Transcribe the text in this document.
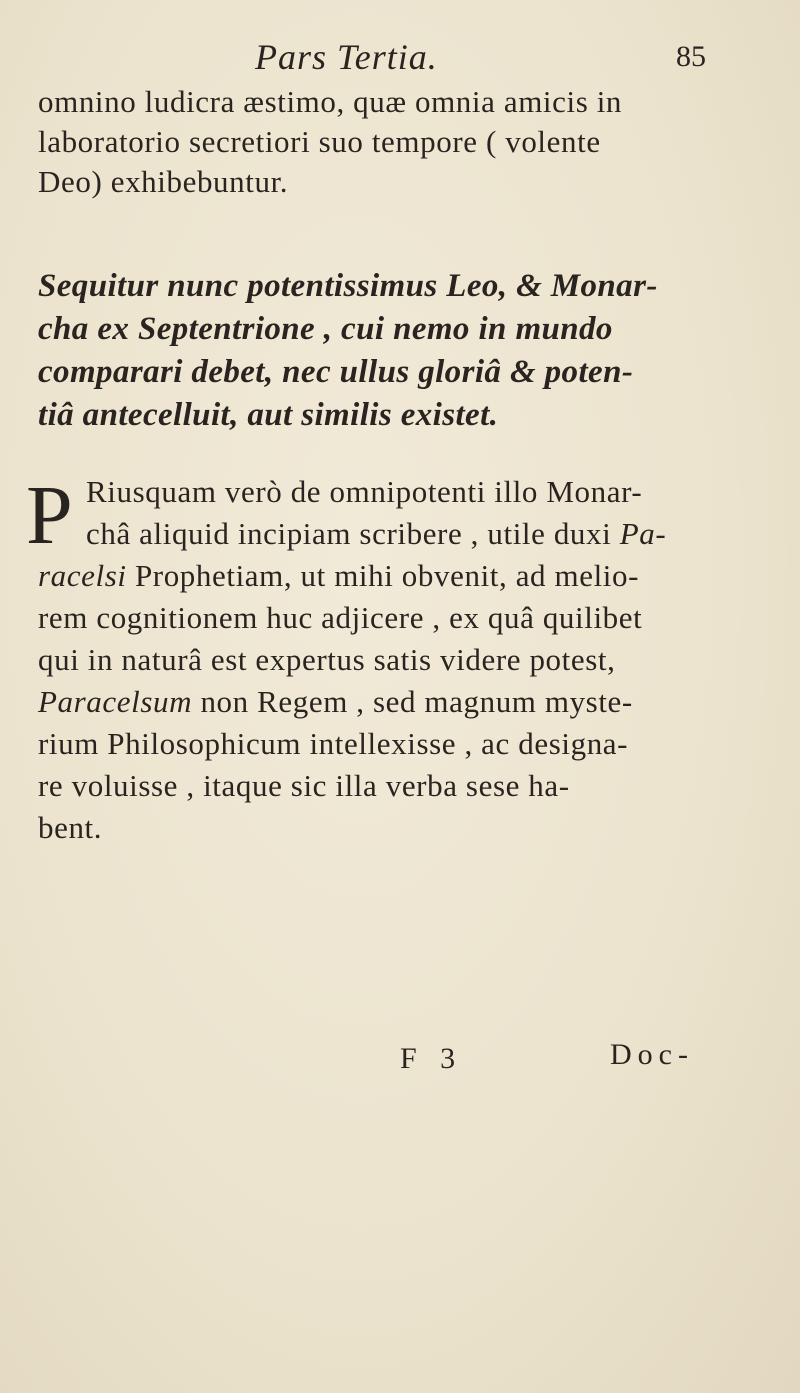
Pars Tertia.	85
omnino ludicra æstimo, quæ omnia amicis in
laboratorio secretiori suo tempore ( volente
Deo) exhibebuntur.
Sequitur nunc potentissimus Leo, & Monar-
cha ex Septentrione , cui nemo in mundo
comparari debet, nec ullus gloriâ & poten-
tiâ antecelluit, aut similis existet.
P Riusquam verò de omnipotenti illo Monar-
châ aliquid incipiam scribere , utile duxi Pa-
racelsi Prophetiam, ut mihi obvenit, ad melio-
rem cognitionem huc adjicere , ex quâ quilibet
qui in naturâ est expertus satis videre potest,
Paracelsum non Regem , sed magnum myste-
rium Philosophicum intellexisse , ac designa-
re voluisse , itaque sic illa verba sese ha-
bent.
F 3	Doc-
